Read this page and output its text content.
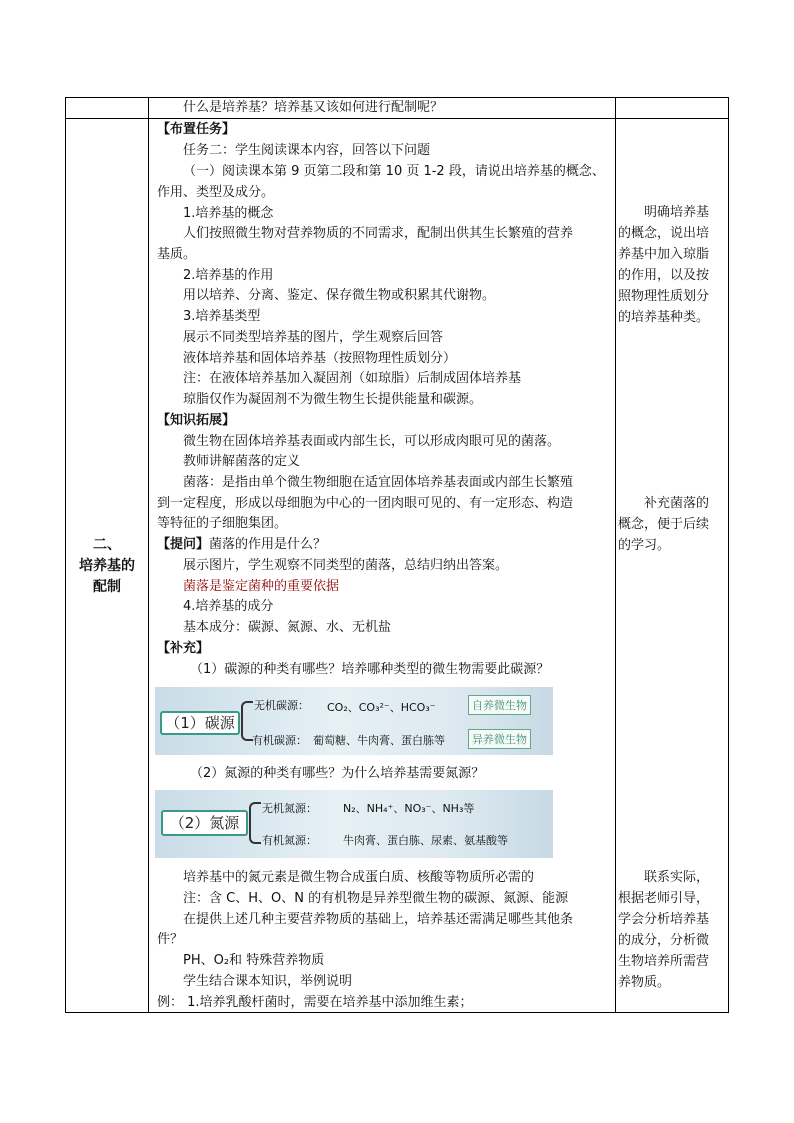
什么是培养基？培养基又该如何进行配制呢？
二、
培养基的
配制
【布置任务】
任务二：学生阅读课本内容，回答以下问题
（一）阅读课本第 9 页第二段和第 10 页 1-2 段，请说出培养基的概念、
作用、类型及成分。
1.培养基的概念
人们按照微生物对营养物质的不同需求，配制出供其生长繁殖的营养
基质。
2.培养基的作用
用以培养、分离、鉴定、保存微生物或积累其代谢物。
3.培养基类型
展示不同类型培养基的图片，学生观察后回答
液体培养基和固体培养基（按照物理性质划分）
注：在液体培养基加入凝固剂（如琼脂）后制成固体培养基
琼脂仅作为凝固剂不为微生物生长提供能量和碳源。
【知识拓展】
微生物在固体培养基表面或内部生长，可以形成肉眼可见的菌落。
教师讲解菌落的定义
菌落：是指由单个微生物细胞在适宜固体培养基表面或内部生长繁殖
到一定程度，形成以母细胞为中心的一团肉眼可见的、有一定形态、构造
等特征的子细胞集团。
【提问】菌落的作用是什么？
展示图片，学生观察不同类型的菌落，总结归纳出答案。
菌落是鉴定菌种的重要依据
4.培养基的成分
基本成分：碳源、氮源、水、无机盐
【补充】
（1）碳源的种类有哪些？培养哪种类型的微生物需要此碳源？
（1）碳源
无机碳源： CO₂、CO₃²⁻、HCO₃⁻	自养微生物
有机碳源： 葡萄糖、牛肉膏、蛋白胨等	异养微生物
（2）氮源的种类有哪些？为什么培养基需要氮源？
（2）氮源
无机氮源： N₂、NH₄⁺、NO₃⁻、NH₃等
有机氮源： 牛肉膏、蛋白胨、尿素、氨基酸等
培养基中的氮元素是微生物合成蛋白质、核酸等物质所必需的
注：含 C、H、O、N 的有机物是异养型微生物的碳源、氮源、能源
在提供上述几种主要营养物质的基础上，培养基还需满足哪些其他条
件？
PH、O₂和 特殊营养物质
学生结合课本知识，举例说明
例： 1.培养乳酸杆菌时，需要在培养基中添加维生素；
明确培养基
的概念，说出培
养基中加入琼脂
的作用，以及按
照物理性质划分
的培养基种类。
补充菌落的
概念，便于后续
的学习。
联系实际，
根据老师引导，
学会分析培养基
的成分，分析微
生物培养所需营
养物质。
